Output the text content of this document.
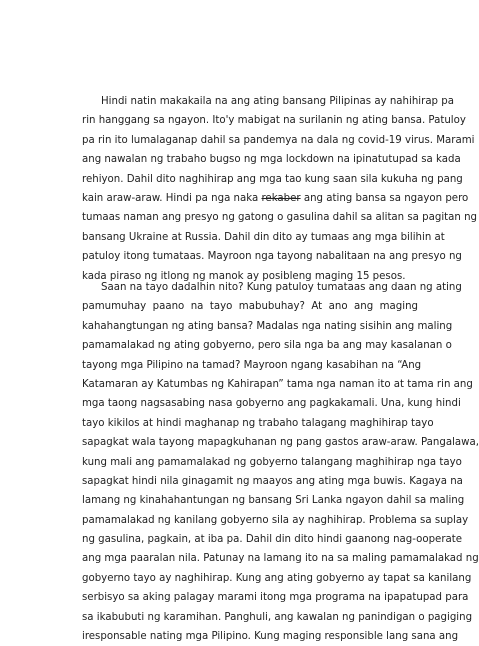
Hindi natin makakaila na ang ating bansang Pilipinas ay nahihirap pa
rin hanggang sa ngayon. Ito'y mabigat na surilanin ng ating bansa. Patuloy
pa rin ito lumalaganap dahil sa pandemya na dala ng covid-19 virus. Marami
ang nawalan ng trabaho bugso ng mga lockdown na ipinatutupad sa kada
rehiyon. Dahil dito naghihirap ang mga tao kung saan sila kukuha ng pang
kain araw-araw. Hindi pa nga naka rekaber ang ating bansa sa ngayon pero
tumaas naman ang presyo ng gatong o gasulina dahil sa alitan sa pagitan ng
bansang Ukraine at Russia. Dahil din dito ay tumaas ang mga bilihin at
patuloy itong tumataas. Mayroon nga tayong nabalitaan na ang presyo ng
kada piraso ng itlong ng manok ay posibleng maging 15 pesos.
Saan na tayo dadalhin nito? Kung patuloy tumataas ang daan ng ating
pamumuhay paano na tayo mabubuhay? At ano ang maging
kahahangtungan ng ating bansa? Madalas nga nating sisihin ang maling
pamamalakad ng ating gobyerno, pero sila nga ba ang may kasalanan o
tayong mga Pilipino na tamad? Mayroon ngang kasabihan na “Ang
Katamaran ay Katumbas ng Kahirapan” tama nga naman ito at tama rin ang
mga taong nagsasabing nasa gobyerno ang pagkakamali. Una, kung hindi
tayo kikilos at hindi maghanap ng trabaho talagang maghihirap tayo
sapagkat wala tayong mapagkuhanan ng pang gastos araw-araw. Pangalawa,
kung mali ang pamamalakad ng gobyerno talangang maghihirap nga tayo
sapagkat hindi nila ginagamit ng maayos ang ating mga buwis. Kagaya na
lamang ng kinahahantungan ng bansang Sri Lanka ngayon dahil sa maling
pamamalakad ng kanilang gobyerno sila ay naghihirap. Problema sa suplay
ng gasulina, pagkain, at iba pa. Dahil din dito hindi gaanong nag-ooperate
ang mga paaralan nila. Patunay na lamang ito na sa maling pamamalakad ng
gobyerno tayo ay naghihirap. Kung ang ating gobyerno ay tapat sa kanilang
serbisyo sa aking palagay marami itong mga programa na ipapatupad para
sa ikabubuti ng karamihan. Panghuli, ang kawalan ng panindigan o pagiging
iresponsable nating mga Pilipino. Kung maging responsible lang sana ang
